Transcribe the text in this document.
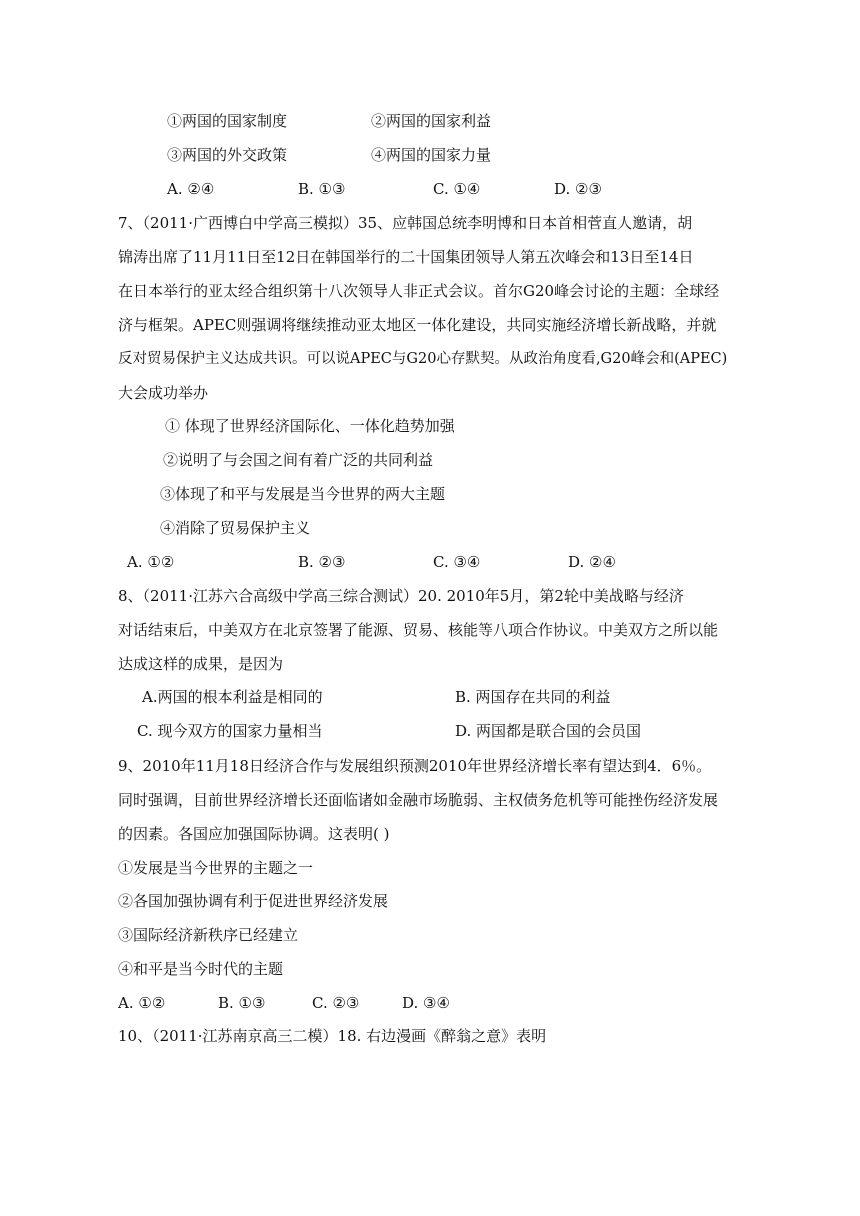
①两国的国家制度	②两国的国家利益
③两国的外交政策	④两国的国家力量
A. ②④	B. ①③	C. ①④	D. ②③
7、（2011·广西博白中学高三模拟）35、应韩国总统李明博和日本首相菅直人邀请，胡
锦涛出席了11月11日至12日在韩国举行的二十国集团领导人第五次峰会和13日至14日
在日本举行的亚太经合组织第十八次领导人非正式会议。首尔G20峰会讨论的主题：全球经
济与框架。APEC则强调将继续推动亚太地区一体化建设，共同实施经济增长新战略，并就
反对贸易保护主义达成共识。可以说APEC与G20心存默契。从政治角度看,G20峰会和(APEC)
大会成功举办
① 体现了世界经济国际化、一体化趋势加强
②说明了与会国之间有着广泛的共同利益
③体现了和平与发展是当今世界的两大主题
④消除了贸易保护主义
A. ①②	B. ②③	C. ③④	D. ②④
8、（2011·江苏六合高级中学高三综合测试）20. 2010年5月，第2轮中美战略与经济
对话结束后，中美双方在北京签署了能源、贸易、核能等八项合作协议。中美双方之所以能
达成这样的成果，是因为
A.两国的根本利益是相同的	B. 两国存在共同的利益
C. 现今双方的国家力量相当	D. 两国都是联合国的会员国
9、2010年11月18日经济合作与发展组织预测2010年世界经济增长率有望达到4．6％。
同时强调，目前世界经济增长还面临诸如金融市场脆弱、主权债务危机等可能挫伤经济发展
的因素。各国应加强国际协调。这表明( )
①发展是当今世界的主题之一
②各国加强协调有利于促进世界经济发展
③国际经济新秩序已经建立
④和平是当今时代的主题
A. ①②	B. ①③	C. ②③	D. ③④
10、（2011·江苏南京高三二模）18. 右边漫画《醉翁之意》表明
